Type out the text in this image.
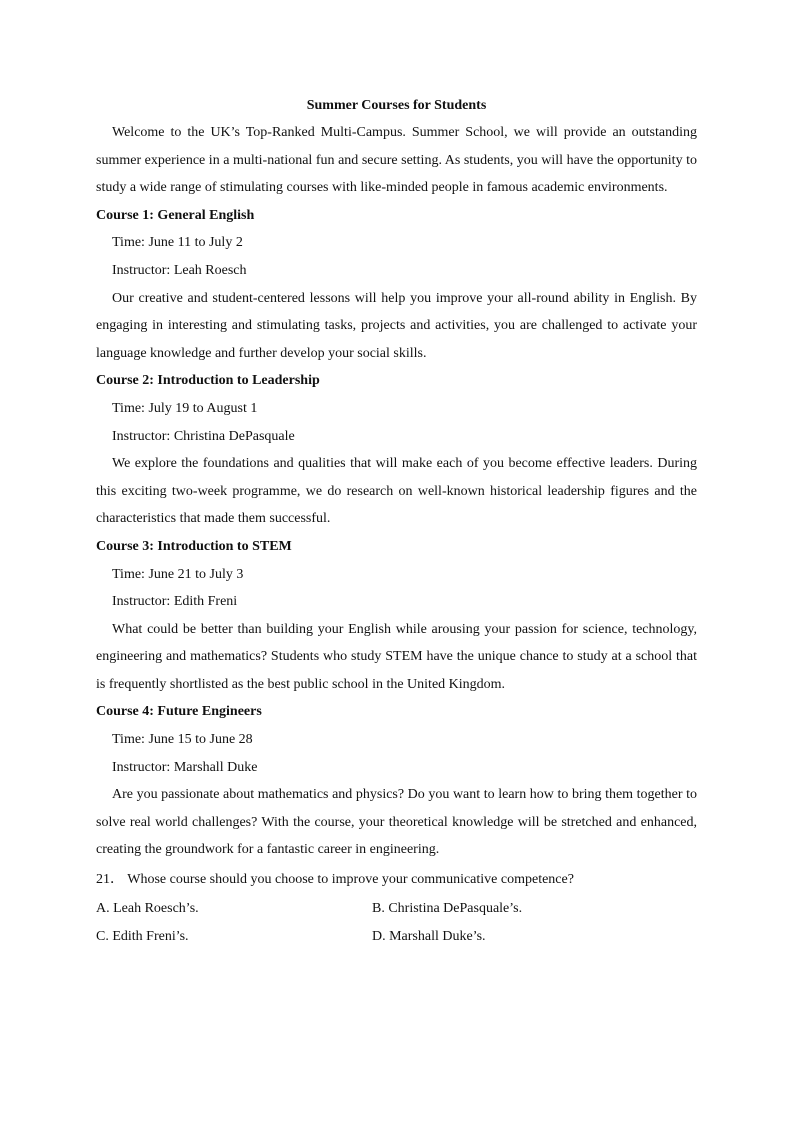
Summer Courses for Students

Welcome to the UK’s Top-Ranked Multi-Campus. Summer School, we will provide an outstanding summer experience in a multi-national fun and secure setting. As students, you will have the opportunity to study a wide range of stimulating courses with like-minded people in famous academic environments.

Course 1: General English
Time: June 11 to July 2
Instructor: Leah Roesch

Our creative and student-centered lessons will help you improve your all-round ability in English. By engaging in interesting and stimulating tasks, projects and activities, you are challenged to activate your language knowledge and further develop your social skills.

Course 2: Introduction to Leadership
Time: July 19 to August 1
Instructor: Christina DePasquale

We explore the foundations and qualities that will make each of you become effective leaders. During this exciting two-week programme, we do research on well-known historical leadership figures and the characteristics that made them successful.

Course 3: Introduction to STEM
Time: June 21 to July 3
Instructor: Edith Freni

What could be better than building your English while arousing your passion for science, technology, engineering and mathematics? Students who study STEM have the unique chance to study at a school that is frequently shortlisted as the best public school in the United Kingdom.

Course 4: Future Engineers
Time: June 15 to June 28
Instructor: Marshall Duke

Are you passionate about mathematics and physics? Do you want to learn how to bring them together to solve real world challenges? With the course, your theoretical knowledge will be stretched and enhanced, creating the groundwork for a fantastic career in engineering.

21． Whose course should you choose to improve your communicative competence?
A. Leah Roesch’s.	B. Christina DePasquale’s.
C. Edith Freni’s.	D. Marshall Duke’s.
